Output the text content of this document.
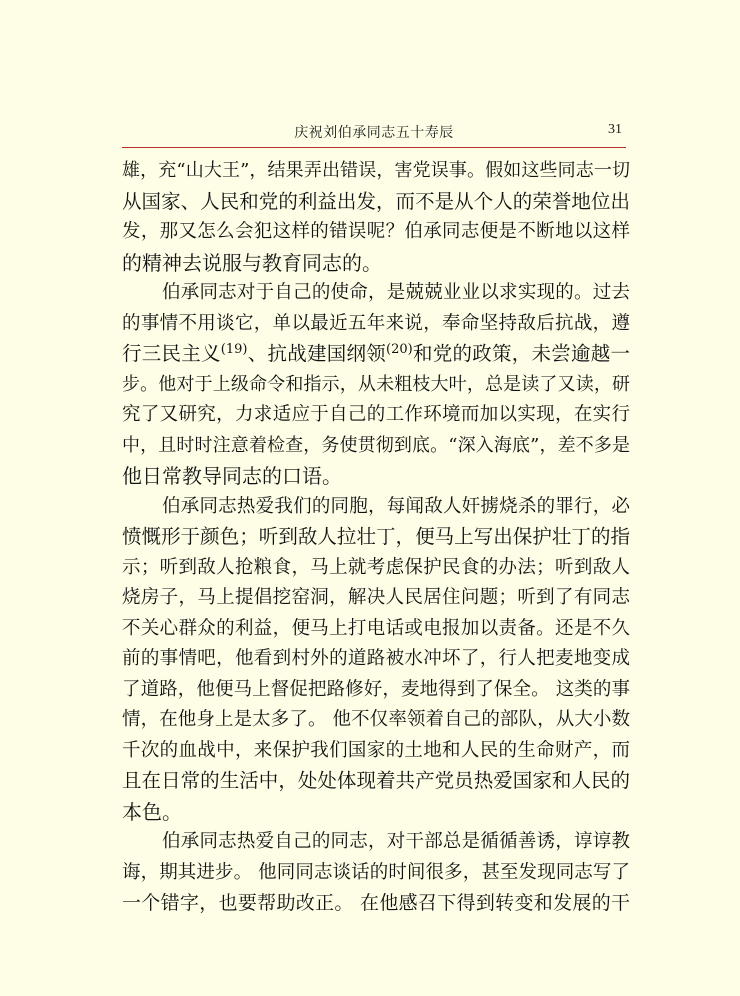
庆祝刘伯承同志五十寿辰	31
雄，充“山大王”，结果弄出错误，害党误事。假如这些同志一切
从国家、人民和党的利益出发，而不是从个人的荣誉地位出
发，那又怎么会犯这样的错误呢？伯承同志便是不断地以这样
的精神去说服与教育同志的。
伯承同志对于自己的使命，是兢兢业业以求实现的。过去
的事情不用谈它，单以最近五年来说，奉命坚持敌后抗战，遵
行三民主义$^{(19)}$、抗战建国纲领$^{(20)}$和党的政策，未尝逾越一
步。他对于上级命令和指示，从未粗枝大叶，总是读了又读，研
究了又研究，力求适应于自己的工作环境而加以实现，在实行
中，且时时注意着检查，务使贯彻到底。“深入海底”，差不多是
他日常教导同志的口语。
伯承同志热爱我们的同胞，每闻敌人奸掳烧杀的罪行，必
愤慨形于颜色；听到敌人拉壮丁，便马上写出保护壮丁的指
示；听到敌人抢粮食，马上就考虑保护民食的办法；听到敌人
烧房子，马上提倡挖窑洞，解决人民居住问题；听到了有同志
不关心群众的利益，便马上打电话或电报加以责备。还是不久
前的事情吧，他看到村外的道路被水冲坏了，行人把麦地变成
了道路，他便马上督促把路修好，麦地得到了保全。 这类的事
情，在他身上是太多了。 他不仅率领着自己的部队，从大小数
千次的血战中，来保护我们国家的土地和人民的生命财产，而
且在日常的生活中，处处体现着共产党员热爱国家和人民的
本色。
伯承同志热爱自己的同志，对干部总是循循善诱，谆谆教
诲，期其进步。 他同同志谈话的时间很多，甚至发现同志写了
一个错字，也要帮助改正。 在他感召下得到转变和发展的干
